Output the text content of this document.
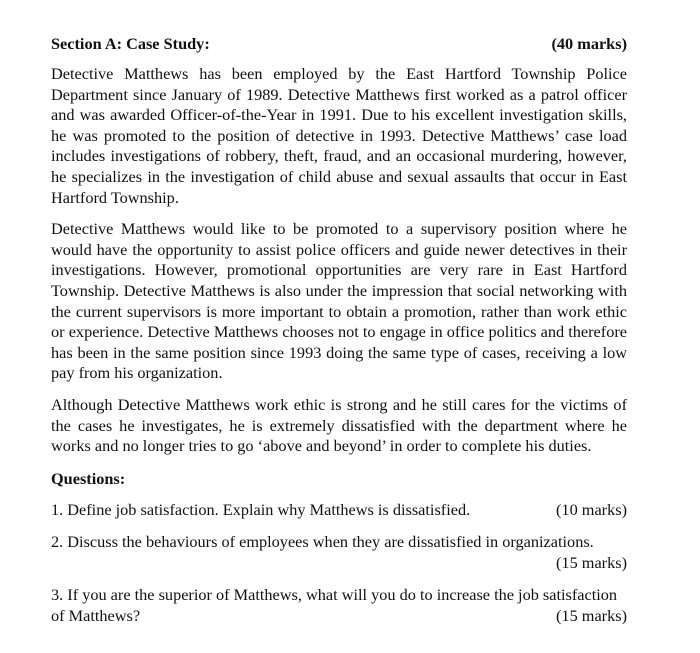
Section A: Case Study:	(40 marks)

Detective Matthews has been employed by the East Hartford Township Police Department since January of 1989. Detective Matthews first worked as a patrol officer and was awarded Officer-of-the-Year in 1991. Due to his excellent investigation skills, he was promoted to the position of detective in 1993. Detective Matthews’ case load includes investigations of robbery, theft, fraud, and an occasional murdering, however, he specializes in the investigation of child abuse and sexual assaults that occur in East Hartford Township.

Detective Matthews would like to be promoted to a supervisory position where he would have the opportunity to assist police officers and guide newer detectives in their investigations. However, promotional opportunities are very rare in East Hartford Township. Detective Matthews is also under the impression that social networking with the current supervisors is more important to obtain a promotion, rather than work ethic or experience. Detective Matthews chooses not to engage in office politics and therefore has been in the same position since 1993 doing the same type of cases, receiving a low pay from his organization.

Although Detective Matthews work ethic is strong and he still cares for the victims of the cases he investigates, he is extremely dissatisfied with the department where he works and no longer tries to go ‘above and beyond’ in order to complete his duties.

Questions:
1. Define job satisfaction. Explain why Matthews is dissatisfied.	(10 marks)
2. Discuss the behaviours of employees when they are dissatisfied in organizations.
(15 marks)
3. If you are the superior of Matthews, what will you do to increase the job satisfaction
of Matthews?	(15 marks)
